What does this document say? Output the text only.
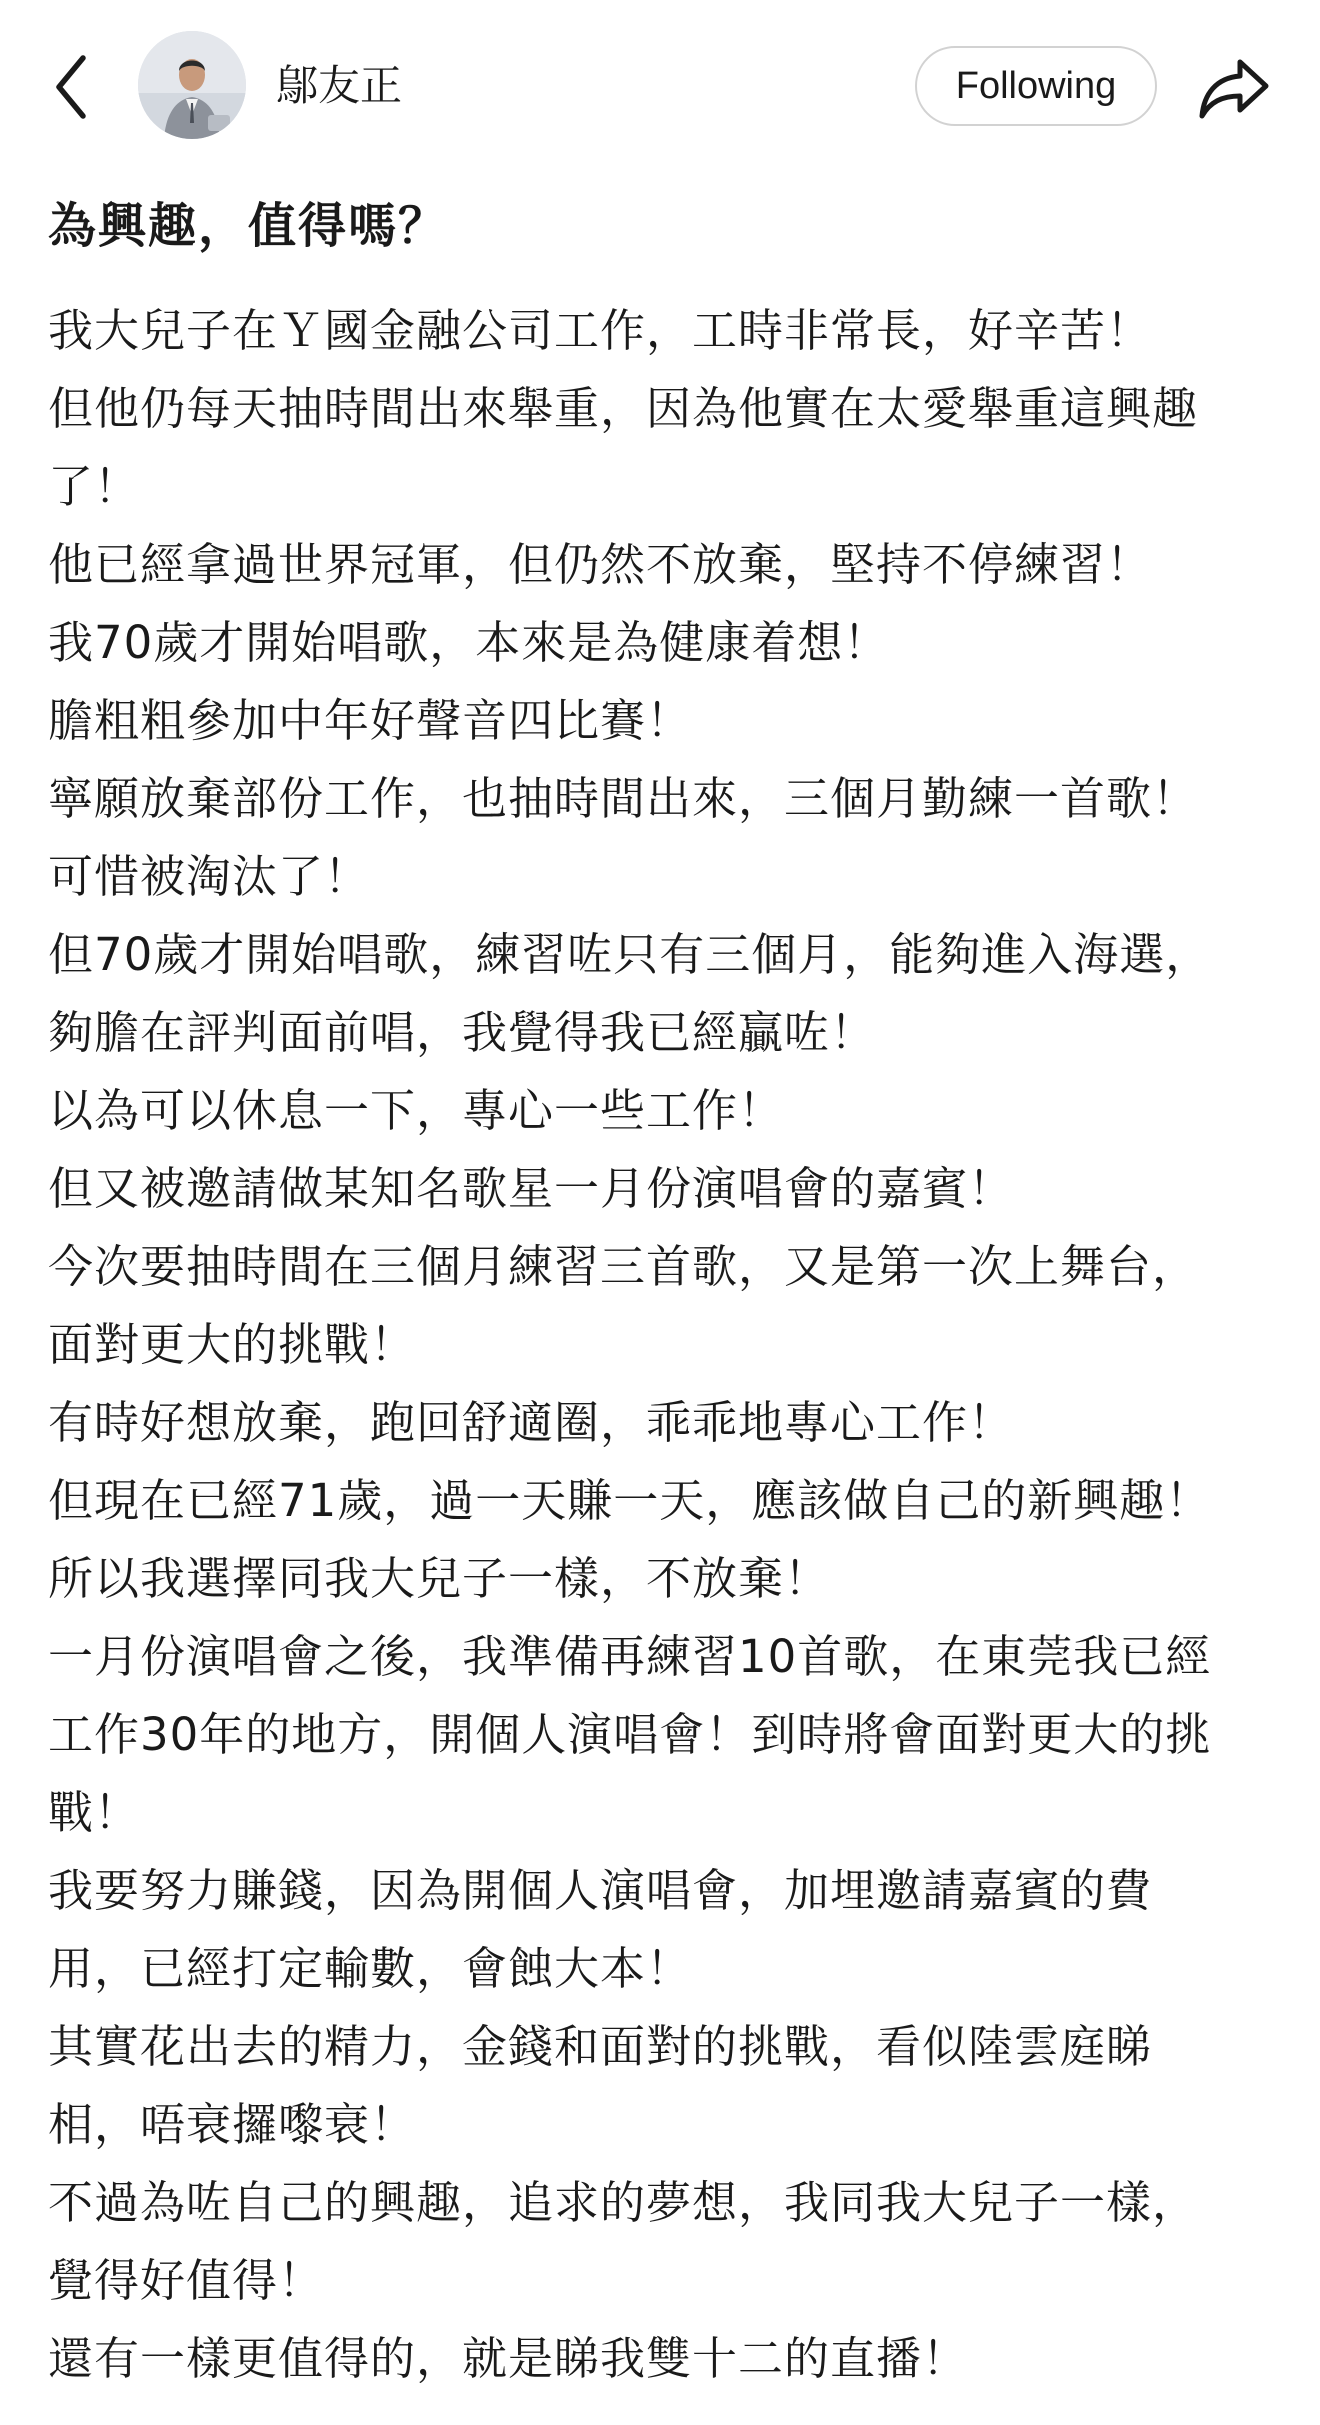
鄔友正	Following
為興趣，值得嗎？
我大兒子在Ｙ國金融公司工作，工時非常長，好辛苦！
但他仍每天抽時間出來舉重，因為他實在太愛舉重這興趣
了！
他已經拿過世界冠軍，但仍然不放棄，堅持不停練習！
我70歲才開始唱歌，本來是為健康着想！
膽粗粗參加中年好聲音四比賽！
寧願放棄部份工作，也抽時間出來，三個月勤練一首歌！
可惜被淘汰了！
但70歲才開始唱歌，練習咗只有三個月，能夠進入海選，
夠膽在評判面前唱，我覺得我已經贏咗！
以為可以休息一下，專心一些工作！
但又被邀請做某知名歌星一月份演唱會的嘉賓！
今次要抽時間在三個月練習三首歌，又是第一次上舞台，
面對更大的挑戰！
有時好想放棄，跑回舒適圈，乖乖地專心工作！
但現在已經71歲，過一天賺一天，應該做自己的新興趣！
所以我選擇同我大兒子一樣，不放棄！
一月份演唱會之後，我準備再練習10首歌，在東莞我已經
工作30年的地方，開個人演唱會！到時將會面對更大的挑
戰！
我要努力賺錢，因為開個人演唱會，加埋邀請嘉賓的費
用，已經打定輸數，會蝕大本！
其實花出去的精力，金錢和面對的挑戰，看似陸雲庭睇
相，唔衰攞嚟衰！
不過為咗自己的興趣，追求的夢想，我同我大兒子一樣，
覺得好值得！
還有一樣更值得的，就是睇我雙十二的直播！
